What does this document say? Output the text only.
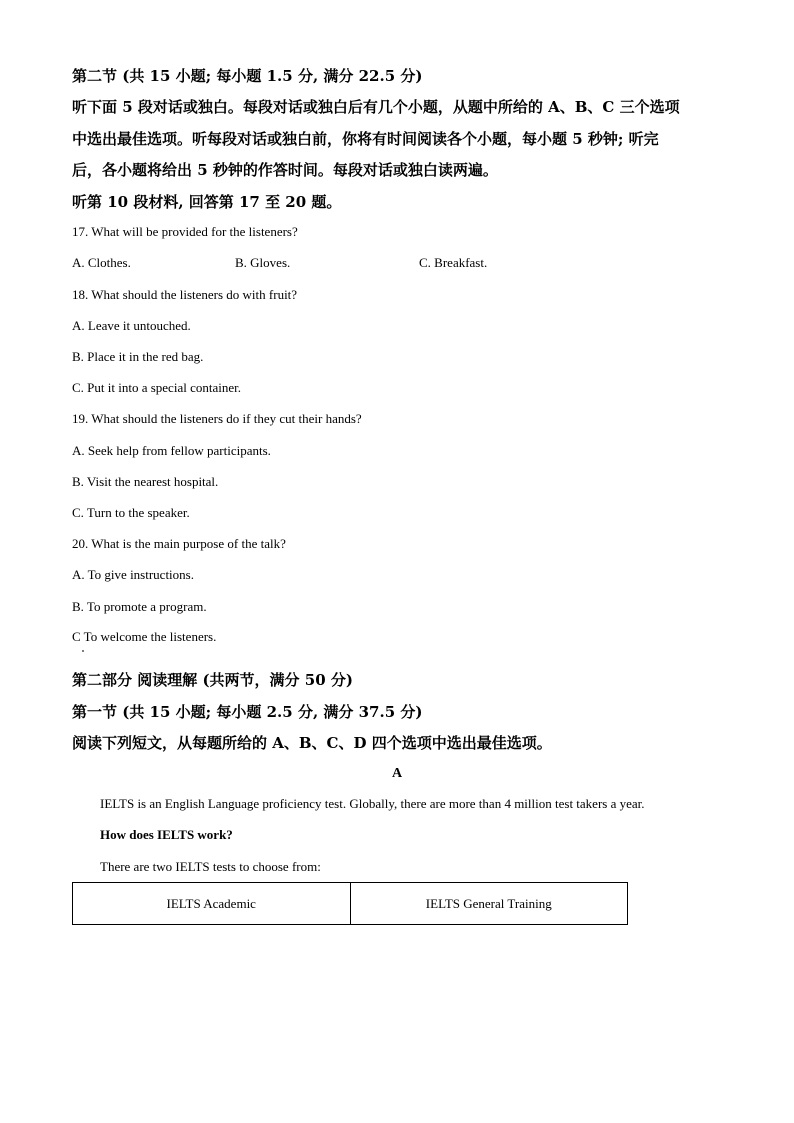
第二节 (共 15 小题; 每小题 1.5 分, 满分 22.5 分)

听下面 5 段对话或独白。每段对话或独白后有几个小题，从题中所给的 A、B、C 三个选项

中选出最佳选项。听每段对话或独白前，你将有时间阅读各个小题，每小题 5 秒钟; 听完

后，各小题将给出 5 秒钟的作答时间。每段对话或独白读两遍。

听第 10 段材料, 回答第 17 至 20 题。

17. What will be provided for the listeners?

A. Clothes.	B. Gloves.	C. Breakfast.

18. What should the listeners do with fruit?

A. Leave it untouched.

B. Place it in the red bag.

C. Put it into a special container.

19. What should the listeners do if they cut their hands?

A. Seek help from fellow participants.

B. Visit the nearest hospital.

C. Turn to the speaker.

20. What is the main purpose of the talk?

A. To give instructions.

B. To promote a program.

C To welcome the listeners.

第二部分 阅读理解 (共两节，满分 50 分)

第一节 (共 15 小题; 每小题 2.5 分, 满分 37.5 分)

阅读下列短文，从每题所给的 A、B、C、D 四个选项中选出最佳选项。

A

IELTS is an English Language proficiency test. Globally, there are more than 4 million test takers a year.

How does IELTS work?

There are two IELTS tests to choose from:

IELTS Academic	IELTS General Training
